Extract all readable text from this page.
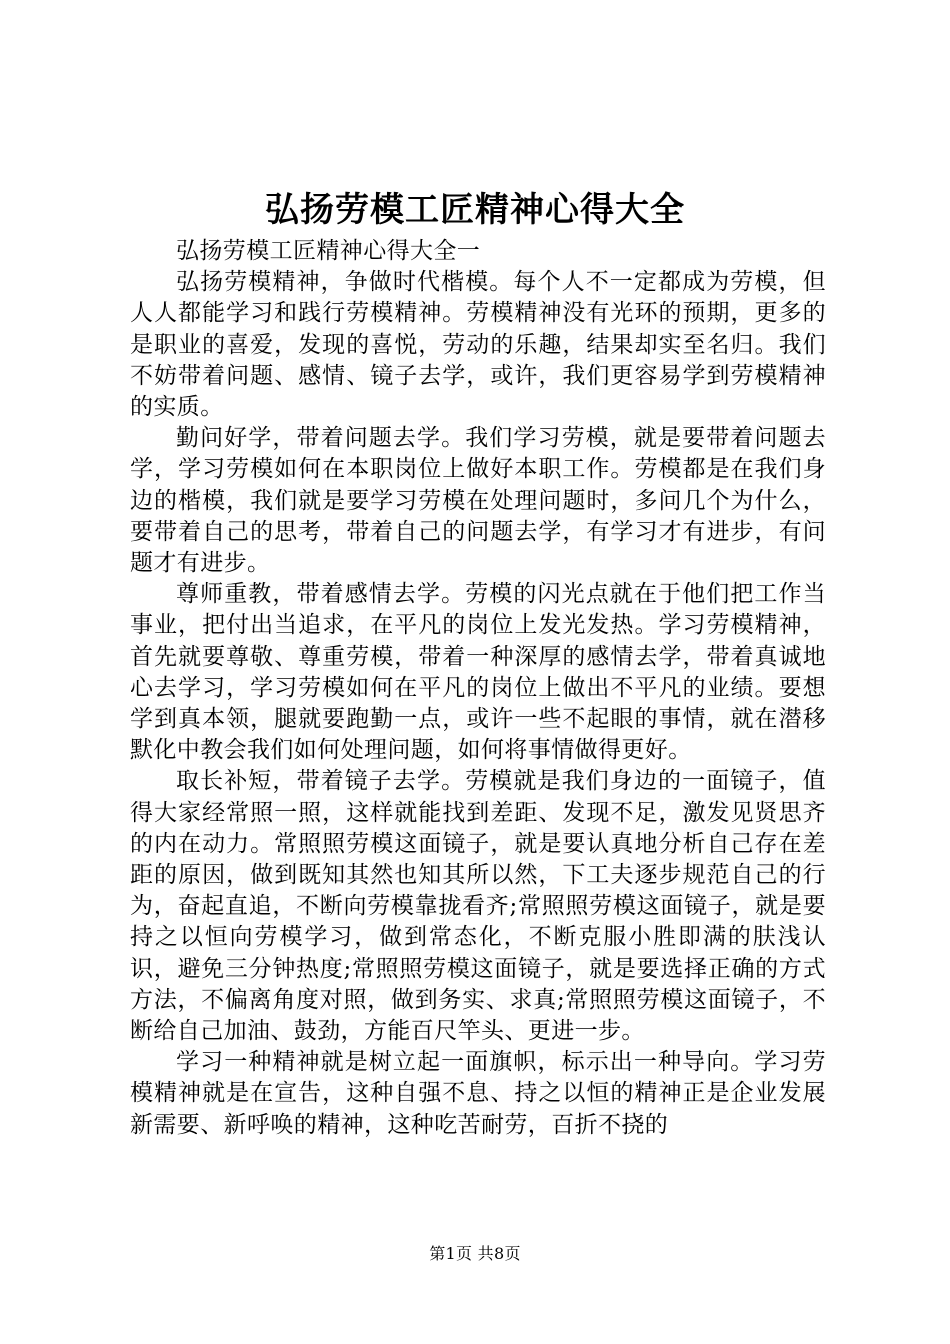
弘扬劳模工匠精神心得大全

弘扬劳模工匠精神心得大全一

弘扬劳模精神，争做时代楷模。每个人不一定都成为劳模，但人人都能学习和践行劳模精神。劳模精神没有光环的预期，更多的是职业的喜爱，发现的喜悦，劳动的乐趣，结果却实至名归。我们不妨带着问题、感情、镜子去学，或许，我们更容易学到劳模精神的实质。

勤问好学，带着问题去学。我们学习劳模，就是要带着问题去学，学习劳模如何在本职岗位上做好本职工作。劳模都是在我们身边的楷模，我们就是要学习劳模在处理问题时，多问几个为什么，要带着自己的思考，带着自己的问题去学，有学习才有进步，有问题才有进步。

尊师重教，带着感情去学。劳模的闪光点就在于他们把工作当事业，把付出当追求，在平凡的岗位上发光发热。学习劳模精神，首先就要尊敬、尊重劳模，带着一种深厚的感情去学，带着真诚地心去学习，学习劳模如何在平凡的岗位上做出不平凡的业绩。要想学到真本领，腿就要跑勤一点，或许一些不起眼的事情，就在潜移默化中教会我们如何处理问题，如何将事情做得更好。

取长补短，带着镜子去学。劳模就是我们身边的一面镜子，值得大家经常照一照，这样就能找到差距、发现不足，激发见贤思齐的内在动力。常照照劳模这面镜子，就是要认真地分析自己存在差距的原因，做到既知其然也知其所以然，下工夫逐步规范自己的行为，奋起直追，不断向劳模靠拢看齐;常照照劳模这面镜子，就是要持之以恒向劳模学习，做到常态化，不断克服小胜即满的肤浅认识，避免三分钟热度;常照照劳模这面镜子，就是要选择正确的方式方法，不偏离角度对照，做到务实、求真;常照照劳模这面镜子，不断给自己加油、鼓劲，方能百尺竿头、更进一步。

学习一种精神就是树立起一面旗帜，标示出一种导向。学习劳模精神就是在宣告，这种自强不息、持之以恒的精神正是企业发展新需要、新呼唤的精神，这种吃苦耐劳，百折不挠的

第1页 共8页
